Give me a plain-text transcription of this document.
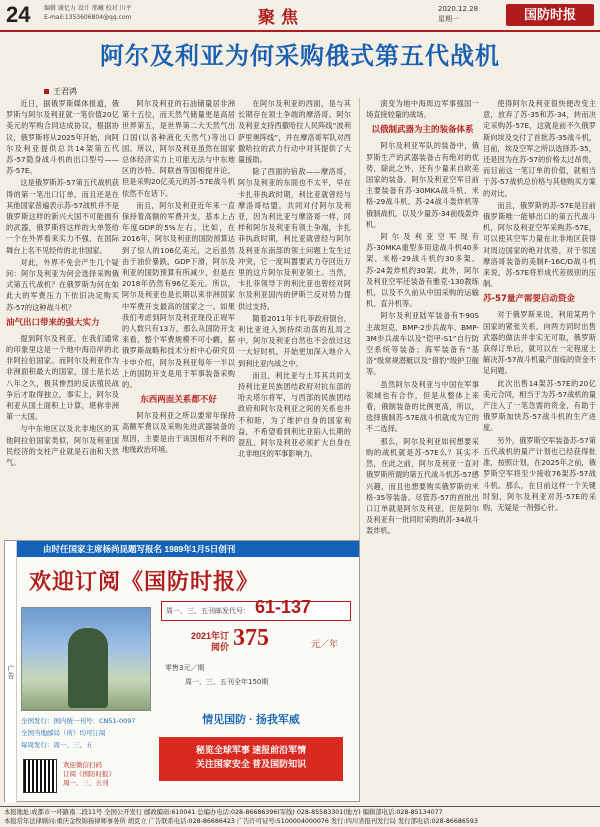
24 编辑 谢忆力 设计 邢曦 校对 川平
E-mail:1353606804@qq.com	聚焦	2020.12.28
星期一	国防时报
阿尔及利亚为何采购俄式第五代战机
王君鸿

近日，据俄罗斯媒体报道，俄罗斯与阿尔及利亚就一笔价值20亿美元的军购合同达成协议，根据协议，俄罗斯将从2025年开始，向阿尔及利亚提供总共14架第五代苏-57隐身战斗机的出口型号——苏-57E。

这是俄罗斯苏-57第五代战机获得的第一笔出口订单，而且还是在其他国家普遍表示苏-57战机并不是俄罗斯这样的新兴大国不可能拥有的武器，俄罗斯将这样的大单签给一个在外界看来实力不强、在国际舞台上名不见经传的北非国家。

对此，外界不免会产生几个疑问：阿尔及利亚为何会选择采购俄式第五代战机？在俄罗斯为何在如此大的军费压力下依旧决定购买苏-57的这种战斗机？

油气出口带来的强大实力

提到阿尔及利亚，在我们通常的印象里这是一个地中海沿岸的北非阿拉伯国家。而阿尔及利亚作为非洲面积最大的国家，国土是长达八年之久，极其惨烈的反法殖民战争后才取得独立，事实上，阿尔及利亚从国土面积上计算，堪称非洲第一大国。

与中东地区以及北非地区的其他阿拉伯国家类似，阿尔及利亚国民经济的支柱产业就是石油和天然气。

阿尔及利亚的石油储量居非洲第十五位，而天然气储量更是高居世界第五，是世界第二大天然气出口国(以各种液化天然气)等出口国。所以，阿尔及利亚虽然在国家总体经济实力上可能无法与中东地区的沙特、阿联酋等国相提并论，但是采购20亿美元的苏-57E战斗机依然不在话下。

而且，阿尔及利亚近年来一直保持着高额的军费开支，基本上占年度GDP的5%左右，比如，在2016年，阿尔及利亚的国防预算达到了惊人的106亿美元，之后虽然由于油价暴跌，GDP下滑，阿尔及利亚的国防预算有所减少，但是在2018年仍然有96亿美元。所以，阿尔及利亚也是长期以来非洲国家中军费开支最高的国家之一。如果我们考虑到阿尔及利亚现役正规军的人数只有13万，那么从国防开支来看，整个军费规模不可小觑，据俄罗斯战略和技术分析中心研究员卡申介绍，阿尔及利亚每年一半以上的国防开支是用于军事装备采购的。

东西两面关系都不好

阿尔及利亚之所以要常年保持高额军费以及采购先进武器装备的原因，主要是由于该国相对不利的地缘政治环境。

在阿尔及利亚的西面，是与其长期存在领土争端的摩洛哥。阿尔及利亚支持西撒哈拉人民阵线“波利萨里奥阵线”，并在摩洛哥军队对西撒哈拉的武力行动中对其提供了大量援助。

除了西面的宿敌——摩洛哥，阿尔及利亚的东面也不太平，早在卡扎菲执政时期，利比亚就曾经与摩洛哥结盟，共同对付阿尔及利亚，因为利比亚与摩洛哥一样，同样和阿尔及利亚有领土争端，卡扎菲执政时期，利比亚就曾经与阿尔及利亚东南部的领土问题上发生过冲突，它一度叫嚣要武力夺回近万里的这片阿尔及利亚领土。当然，卡扎菲领导下的利比亚也曾经对阿尔及利亚国内的伊斯兰反对势力提供过支持。

随着2011年卡扎菲政府倒台，利比亚进入到持续动荡的乱局之中。阿尔及利亚自然也不会放过这一大好时机，开始更加深入地介入到利比亚内战之中。

而且，利比亚与土耳其共同支持利比亚民族团结政府对抗东部的哈夫塔尔将军，与西部的民族团结政府和阿尔及利亚之间的关系也并不和睦，为了维护自身的国家利益，不希望看到利比亚陷入长期的混乱，阿尔及利亚必须扩大自身在北非地区的军事影响力。

演变为地中海周边军事强国一场直接较量的战场。

以俄制武器为主的装备体系

阿尔及利亚军队的装备中，俄罗斯生产的武器装备占有绝对的优势，除此之外，还有少量来自欧美国家的装备。阿尔及利亚空军目前主要装备有苏-30MKA战斗机、米格-29战斗机、苏-24战斗轰炸机等俄制战机，以及少量苏-34前线轰炸机。

阿尔及利亚空军现有苏-30MKA重型多用途战斗机40多架、米格-29战斗机约30多架、苏-24轰炸机约30架。此外，阿尔及利亚空军还装备有雅克-130教练机，以及不久前从中国采购的运输机、直升机等。

阿尔及利亚陆军装备有T-90S主战坦克、BMP-2步兵战车、BMP-3M步兵战车以及“铠甲-S1”自行防空系统等装备；海军装备有“基洛”级常规潜艇以及“猎豹”级护卫舰等。

虽然阿尔及利亚与中国在军事领域也有合作，但是从整体上来看，俄制装备的比例更高，所以，选择俄制苏-57E战斗机就成为它的不二选择。

那么，阿尔及利亚如何想要采购的战机就是苏-57E么？其实不然，在此之前，阿尔及利亚一直对俄罗斯所谓的第五代战斗机苏-57感兴趣，而且也想要购买俄罗斯的米格-35等装备。尽管苏-57的首批出口订单就是阿尔及利亚，但是阿尔及利亚有一批同时采购的苏-34战斗轰炸机。

使得阿尔及利亚很快便改变主意，放弃了苏-35和苏-34，转而决定采购苏-57E，这就是前不久俄罗斯向埃及交付了首批苏-35战斗机，目前，埃及空军之所以选择苏-35，还是因为在苏-57的价格太过昂贵。而目前这一笔订单的价值，就相当于苏-57战机总价格与其他购买方案的对比。

而且，俄罗斯的苏-57E是目前俄罗斯唯一能够出口的第五代战斗机，阿尔及利亚空军采购苏-57E，可以使其空军力量在北非地区获得对周边国家的绝对优势，对于邻国摩洛哥装备的美制F-16C/D战斗机来说，苏-57E将形成代差级别的压制。

苏-57量产需要启动资金

对于俄罗斯来说，利用某两个国家的紧张关系，向两方同时出售武器的做法并非实无可取，俄罗斯获得订单后，就可以在一定程度上解决苏-57战斗机量产面临的资金不足问题。

此次出售14架苏-57E的20亿美元合同，相当于为苏-57战机的量产注入了一笔急需的资金，有助于俄罗斯加快苏-57战斗机的生产进度。

另外，俄罗斯空军装备苏-57第五代战机的量产计划也已经获得批准，按照计划，在2025年之前，俄罗斯空军将至少接收76架苏-57战斗机。那么，在目前这样一个关键时刻，阿尔及利亚对苏-57E的采购，无疑是一剂强心针。

广告
由时任国家主席杨尚昆题写报名 1989年1月5日创刊
欢迎订阅《国防时报》
周一、三、五刊邮发代号： 61-137
2021年订阅价 375	元／年
零售3元／期
周一、三、五刊全年150期
情见国防 · 扬我军威
秘览全球军事 速报前沿军情
关注国家安全 普及国防知识
全国发行：国内统一刊号：CN51-0097
全国当地邮局（所）均可订阅
每周发行：周一、三、五
欢迎微信扫码
订阅《国防时报》
周一、三、五刊
本报地址:成都市一环路南二段11号 全国公开发行 邮政编码:610041 总编办电话:028-86686396(军线) 028-85583301(地方) 编辑部电话:028-85134077
本报常年法律顾问:重庆金牧锦扬律师事务所 胡克立 广告联系电话:028-86686423 广告许可证号:5100004000076 发行:四川省报刊发行局 发行部电话:028-86686593
